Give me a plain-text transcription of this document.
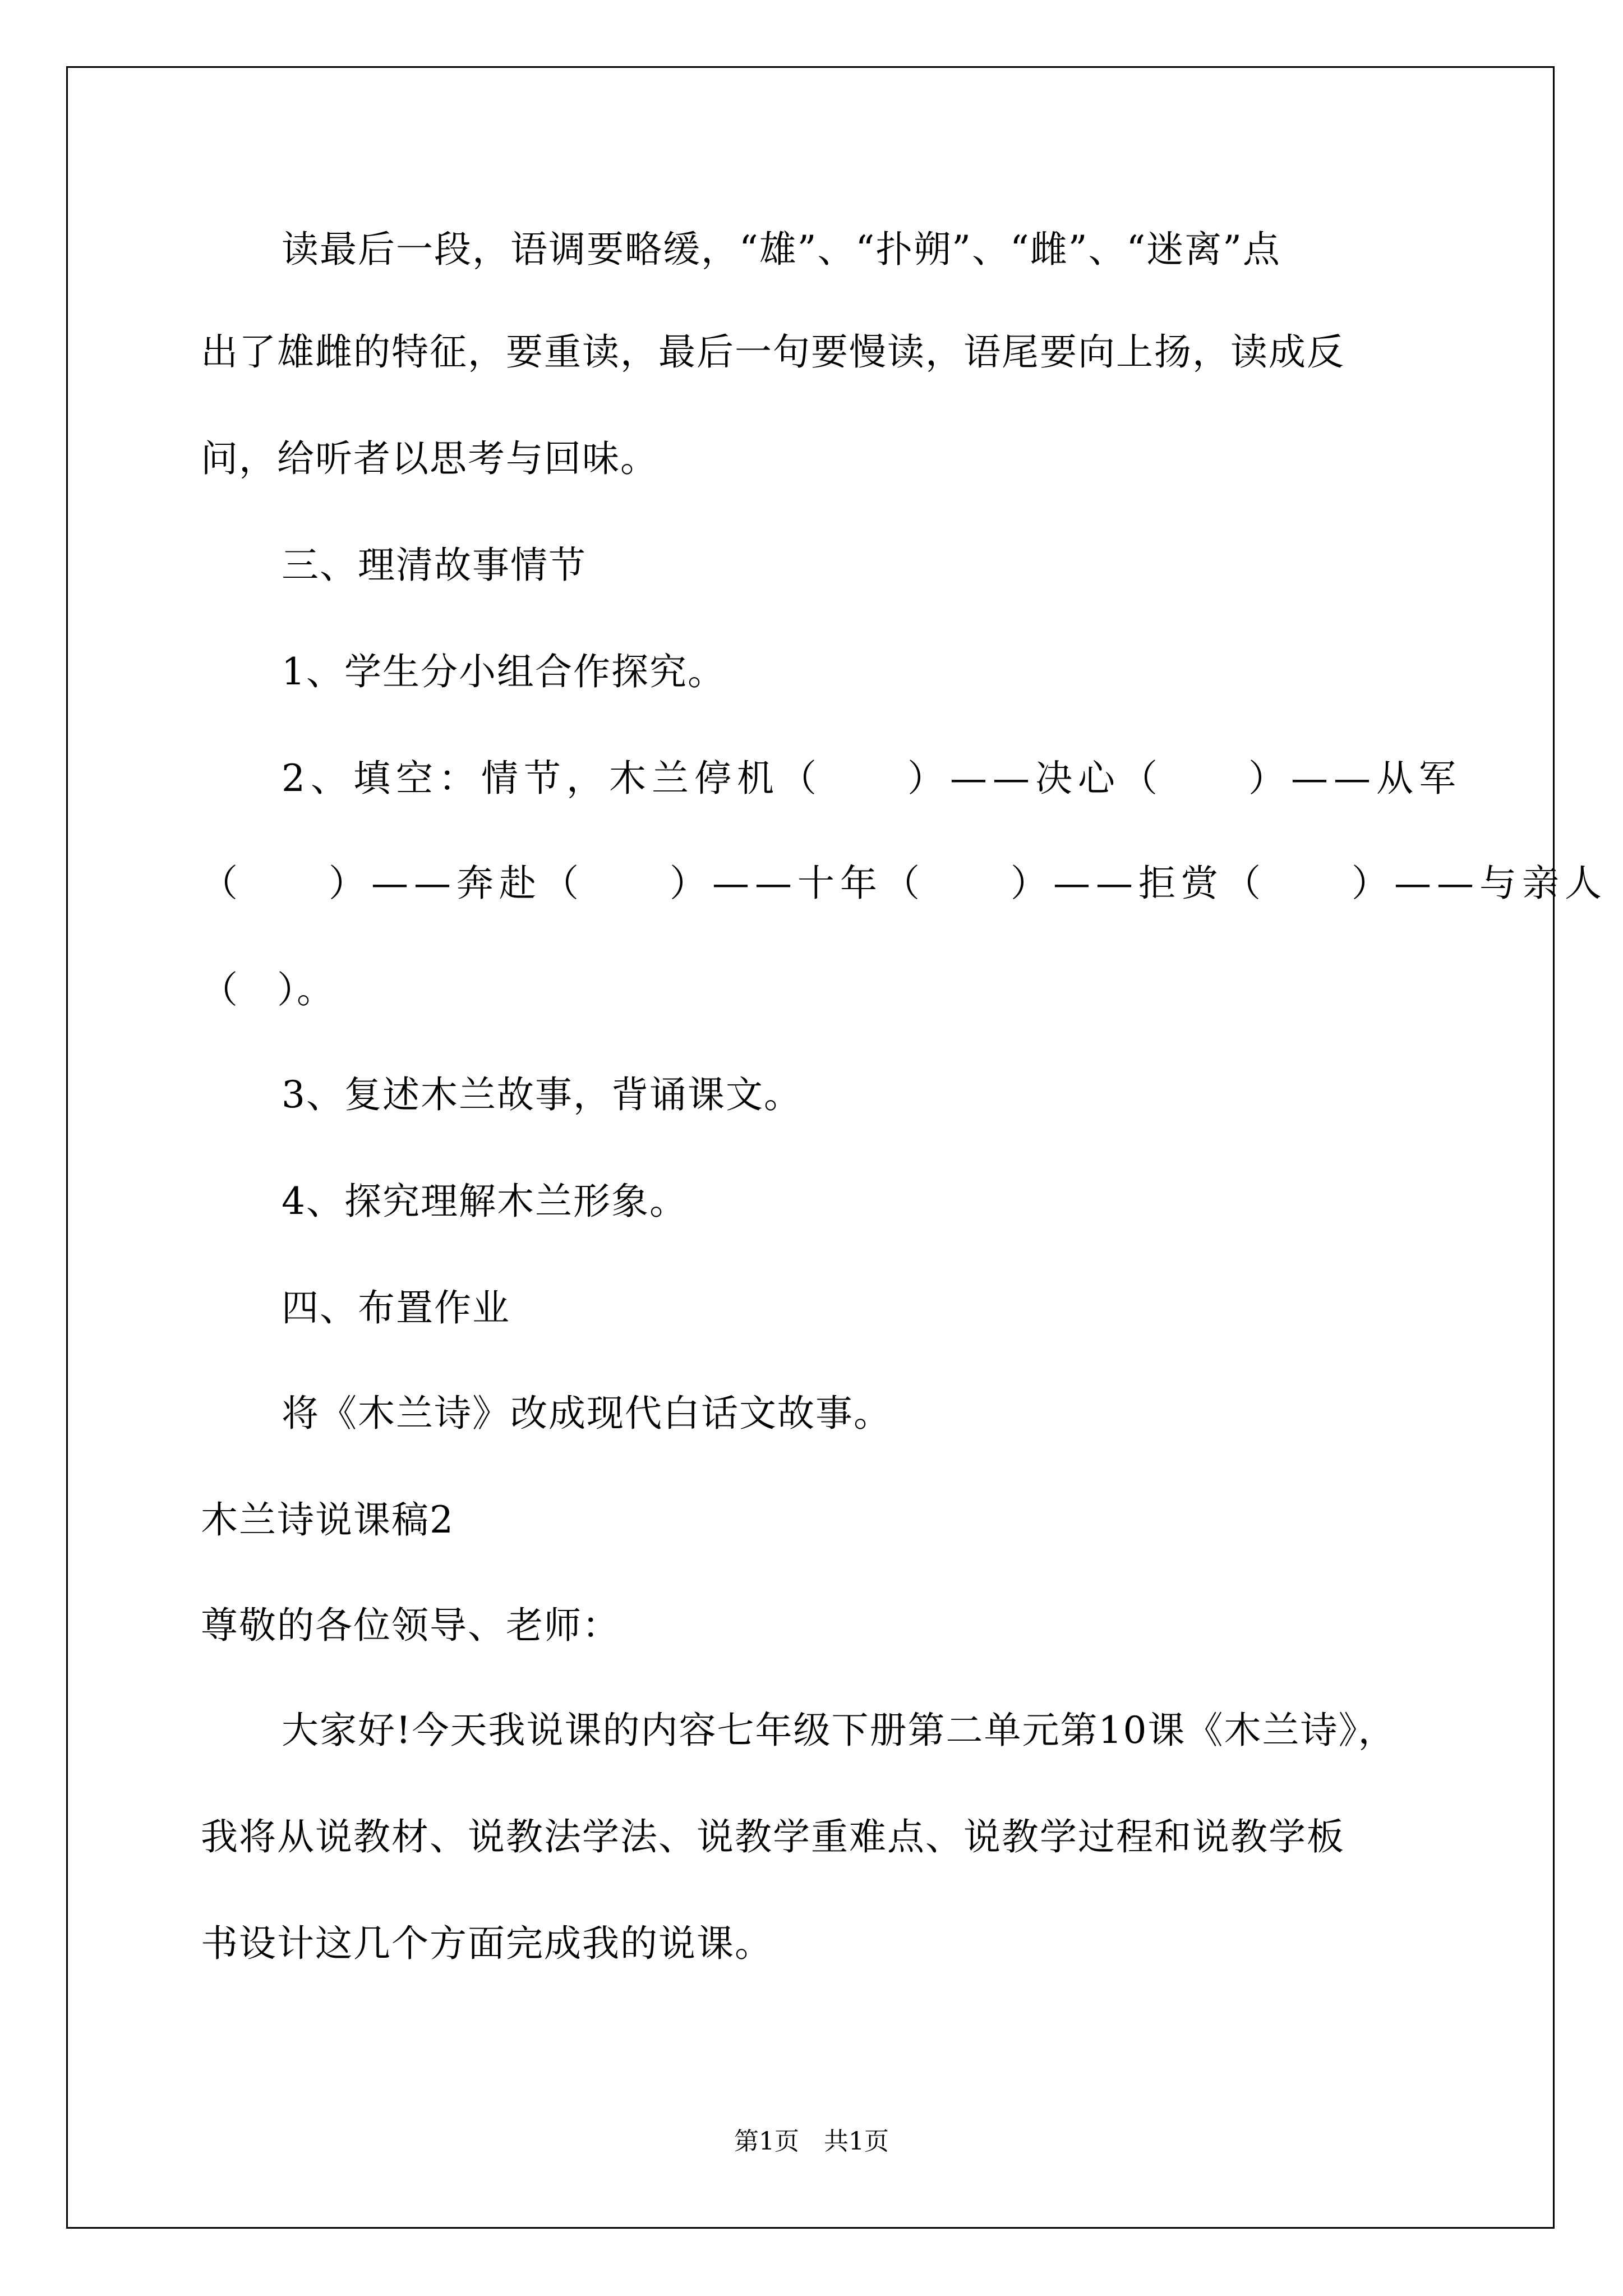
读最后一段，语调要略缓，“雄”、“扑朔”、“雌”、“迷离”点
出了雄雌的特征，要重读，最后一句要慢读，语尾要向上扬，读成反
问，给听者以思考与回味。
三、理清故事情节
1、学生分小组合作探究。
2、填空：情节，木兰停机（　　）——决心（　　）——从军
（　　）——奔赴（　　）——十年（　　）——拒赏（　　）——与亲人
（　）。
3、复述木兰故事，背诵课文。
4、探究理解木兰形象。
四、布置作业
将《木兰诗》改成现代白话文故事。
木兰诗说课稿2
尊敬的各位领导、老师：
大家好!今天我说课的内容七年级下册第二单元第10课《木兰诗》，
我将从说教材、说教法学法、说教学重难点、说教学过程和说教学板
书设计这几个方面完成我的说课。
第1页　共1页
